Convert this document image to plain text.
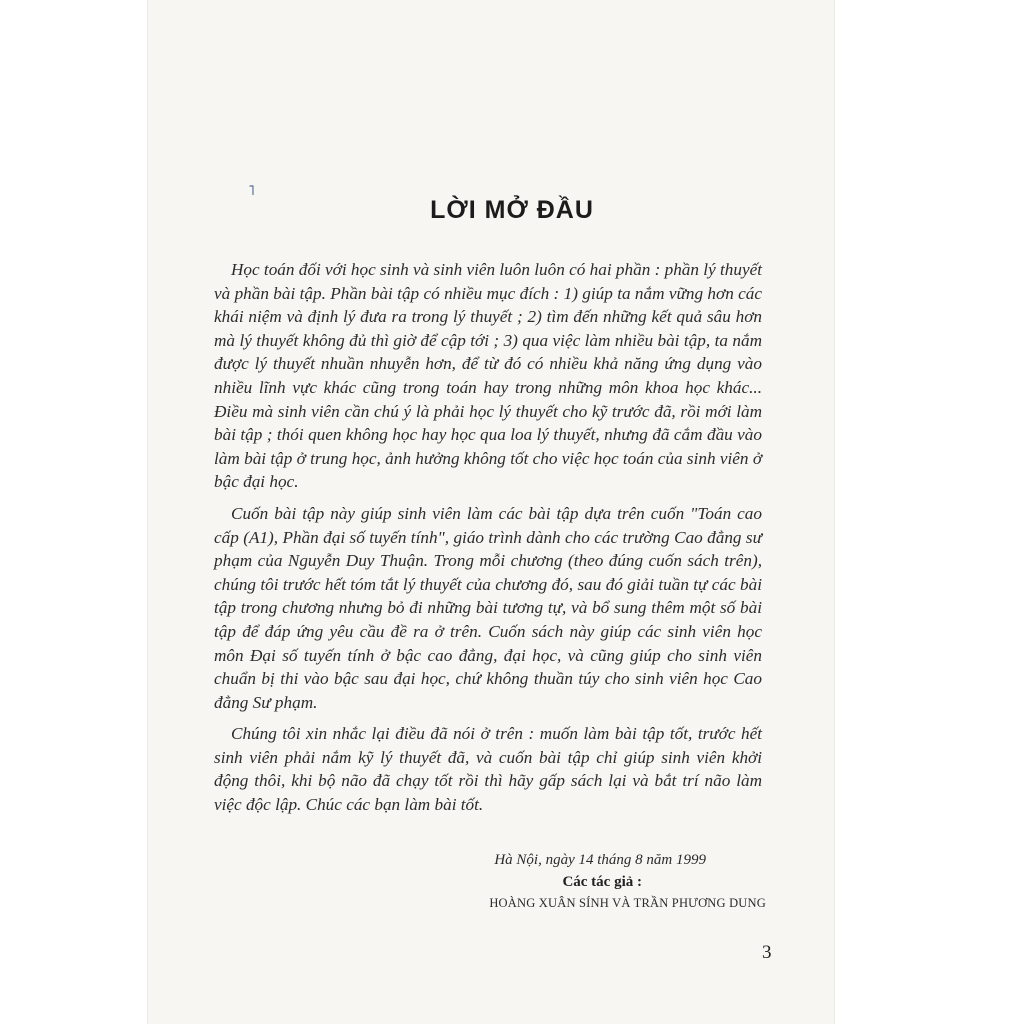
˥
LỜI MỞ ĐẦU

Học toán đối với học sinh và sinh viên luôn luôn có hai phần : phần lý thuyết và phần bài tập. Phần bài tập có nhiều mục đích : 1) giúp ta nắm vững hơn các khái niệm và định lý đưa ra trong lý thuyết ; 2) tìm đến những kết quả sâu hơn mà lý thuyết không đủ thì giờ để cập tới ; 3) qua việc làm nhiều bài tập, ta nắm được lý thuyết nhuần nhuyễn hơn, để từ đó có nhiều khả năng ứng dụng vào nhiều lĩnh vực khác cũng trong toán hay trong những môn khoa học khác... Điều mà sinh viên cần chú ý là phải học lý thuyết cho kỹ trước đã, rồi mới làm bài tập ; thói quen không học hay học qua loa lý thuyết, nhưng đã cắm đầu vào làm bài tập ở trung học, ảnh hưởng không tốt cho việc học toán của sinh viên ở bậc đại học.

Cuốn bài tập này giúp sinh viên làm các bài tập dựa trên cuốn "Toán cao cấp (A1), Phần đại số tuyến tính", giáo trình dành cho các trường Cao đẳng sư phạm của Nguyễn Duy Thuận. Trong mỗi chương (theo đúng cuốn sách trên), chúng tôi trước hết tóm tắt lý thuyết của chương đó, sau đó giải tuần tự các bài tập trong chương nhưng bỏ đi những bài tương tự, và bổ sung thêm một số bài tập để đáp ứng yêu cầu đề ra ở trên. Cuốn sách này giúp các sinh viên học môn Đại số tuyến tính ở bậc cao đẳng, đại học, và cũng giúp cho sinh viên chuẩn bị thi vào bậc sau đại học, chứ không thuần túy cho sinh viên học Cao đẳng Sư phạm.

Chúng tôi xin nhắc lại điều đã nói ở trên : muốn làm bài tập tốt, trước hết sinh viên phải nắm kỹ lý thuyết đã, và cuốn bài tập chỉ giúp sinh viên khởi động thôi, khi bộ não đã chạy tốt rồi thì hãy gấp sách lại và bắt trí não làm việc độc lập. Chúc các bạn làm bài tốt.

Hà Nội, ngày 14 tháng 8 năm 1999
Các tác giả :
HOÀNG XUÂN SÍNH VÀ TRẦN PHƯƠNG DUNG
3
